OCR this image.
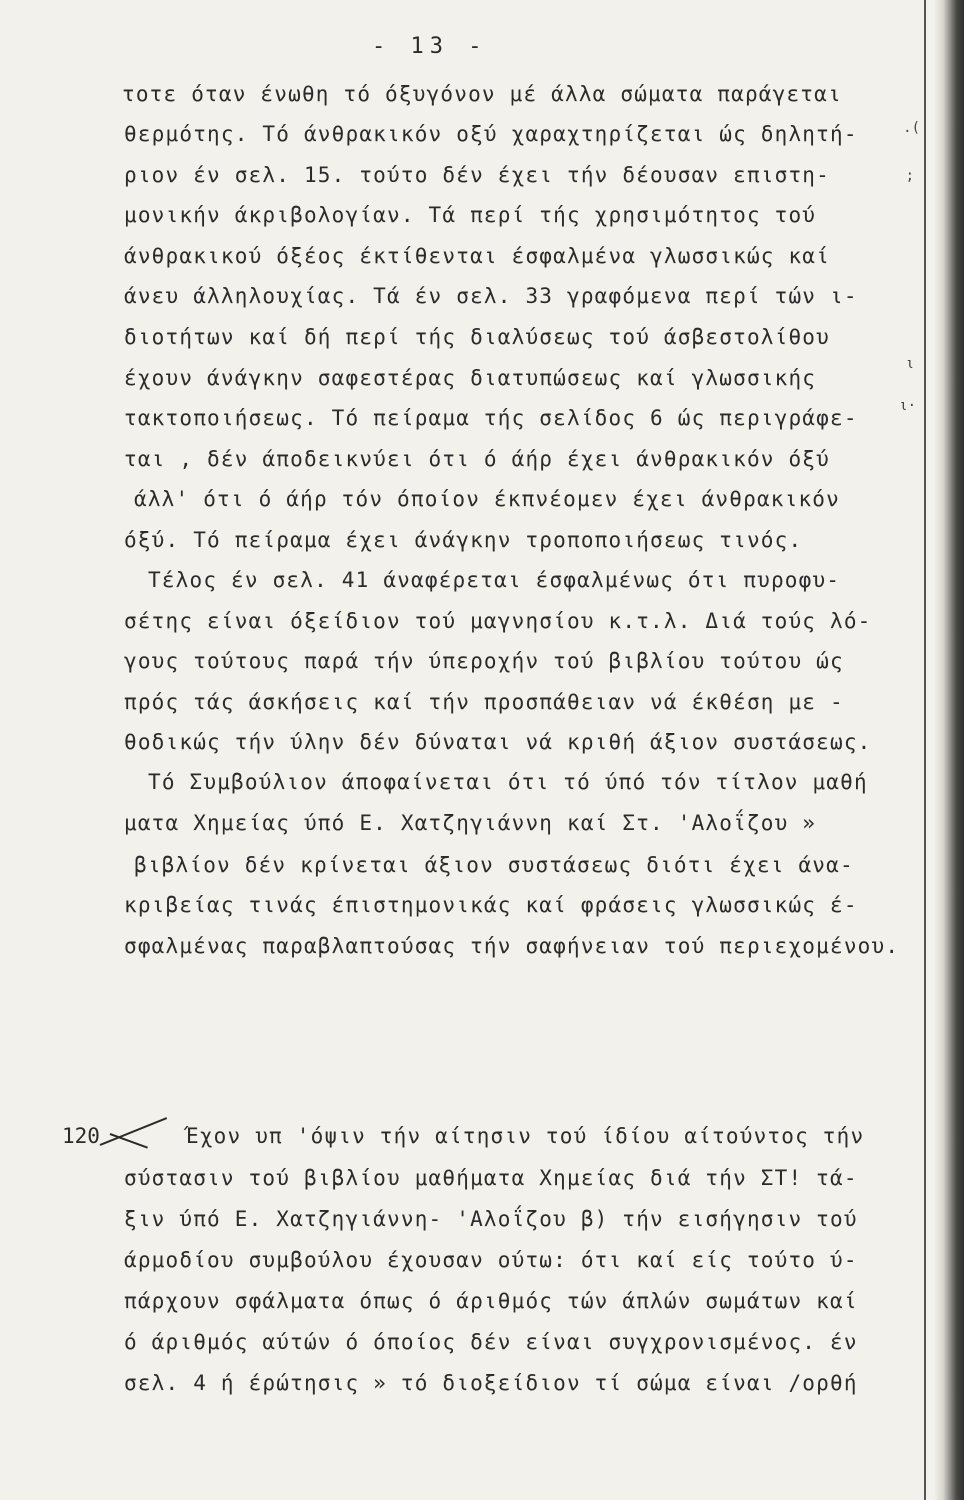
- 13 -
τοτε όταν ένωθη τό όξυγόνον μέ άλλα σώματα παράγεται
θερμότης. Τό άνθρακικόν οξύ χαραχτηρίζεται ώς δηλητή-
ριον έν σελ. 15. τούτο δέν έχει τήν δέουσαν επιστη-
μονικήν άκριβολογίαν. Τά περί τής χρησιμότητος τού
άνθρακικού όξέος έκτίθενται έσφαλμένα γλωσσικώς καί
άνευ άλληλουχίας. Τά έν σελ. 33 γραφόμενα περί τών ι-
διοτήτων καί δή περί τής διαλύσεως τού άσβεστολίθου
έχουν άνάγκην σαφεστέρας διατυπώσεως καί γλωσσικής
τακτοποιήσεως. Τό πείραμα τής σελίδος 6 ώς περιγράφε-
ται , δέν άποδεικνύει ότι ό άήρ έχει άνθρακικόν όξύ
άλλ' ότι ό άήρ τόν όποίον έκπνέομεν έχει άνθρακικόν
όξύ. Τό πείραμα έχει άνάγκην τροποποιήσεως τινός.
Τέλος έν σελ. 41 άναφέρεται έσφαλμένως ότι πυροφυ-
σέτης είναι όξείδιον τού μαγνησίου κ.τ.λ. Διά τούς λό-
γους τούτους παρά τήν ύπεροχήν τού βιβλίου τούτου ώς
πρός τάς άσκήσεις καί τήν προσπάθειαν νά έκθέση με -
θοδικώς τήν ύλην δέν δύναται νά κριθή άξιον συστάσεως.
Τό Συμβούλιον άποφαίνεται ότι τό ύπό τόν τίτλον μαθή
ματα Χημείας ύπό Ε. Χατζηγιάννη καί Στ. 'Αλοΐζου »
βιβλίον δέν κρίνεται άξιον συστάσεως διότι έχει άνα-
κριβείας τινάς έπιστημονικάς καί φράσεις γλωσσικώς έ-
σφαλμένας παραβλαπτούσας τήν σαφήνειαν τού περιεχομένου.
120	Έχον υπ 'όψιν τήν αίτησιν τού ίδίου αίτούντος τήν
σύστασιν τού βιβλίου μαθήματα Χημείας διά τήν ΣΤ! τά-
ξιν ύπό Ε. Χατζηγιάννη- 'Αλοΐζου β) τήν εισήγησιν τού
άρμοδίου συμβούλου έχουσαν ούτω: ότι καί είς τούτο ύ-
πάρχουν σφάλματα όπως ό άριθμός τών άπλών σωμάτων καί
ό άριθμός αύτών ό όποίος δέν είναι συγχρονισμένος. έν
σελ. 4 ή έρώτησις » τό διοξείδιον τί σώμα είναι /ορθή
.(
;
ι
ι·
